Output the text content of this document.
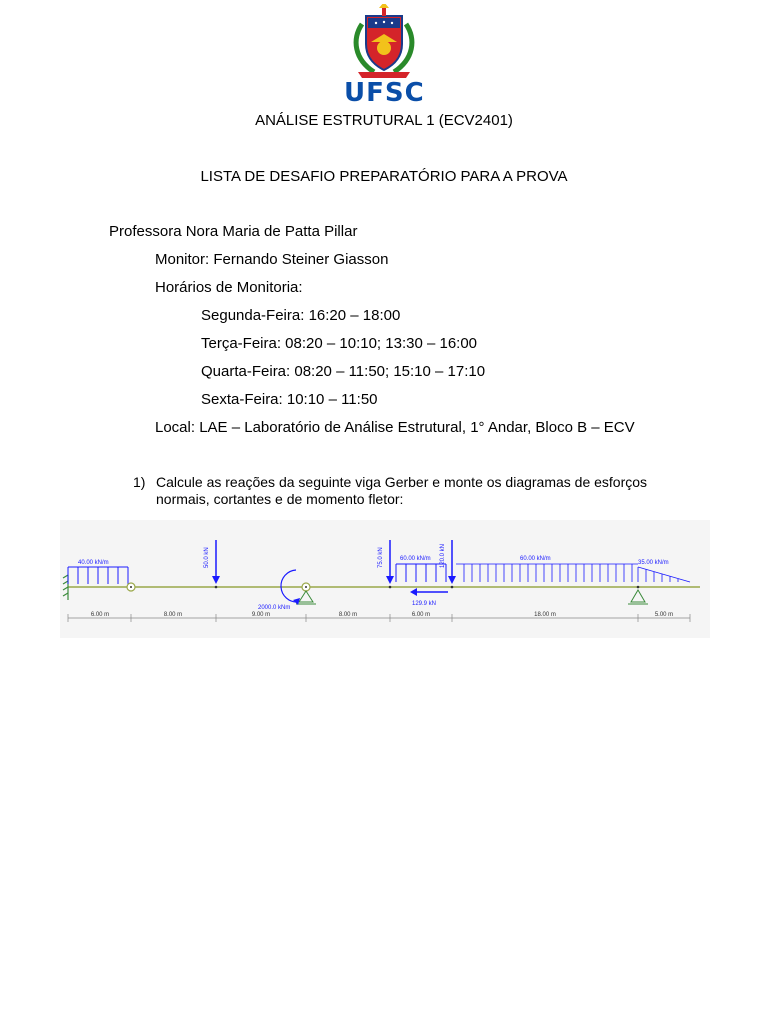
UFSC
ANÁLISE ESTRUTURAL 1 (ECV2401)
LISTA DE DESAFIO PREPARATÓRIO PARA A PROVA
Professora Nora Maria de Patta Pillar
Monitor: Fernando Steiner Giasson
Horários de Monitoria:
Segunda-Feira: 16:20 – 18:00
Terça-Feira: 08:20 – 10:10; 13:30 – 16:00
Quarta-Feira: 08:20 – 11:50; 15:10 – 17:10
Sexta-Feira: 10:10 – 11:50
Local: LAE – Laboratório de Análise Estrutural, 1° Andar, Bloco B – ECV
1) Calcule as reações da seguinte viga Gerber e monte os diagramas de esforços normais, cortantes e de momento fletor:
40.00 kN/m	50.0 kN
2000.0 kNm
75.0 kN	60.00 kN/m 120.0 kN
129.9 kN
60.00 kN/m
35.00 kN/m
6.00 m	8.00 m	9.00 m	8.00 m	6.00 m	18.00 m	5.00 m
